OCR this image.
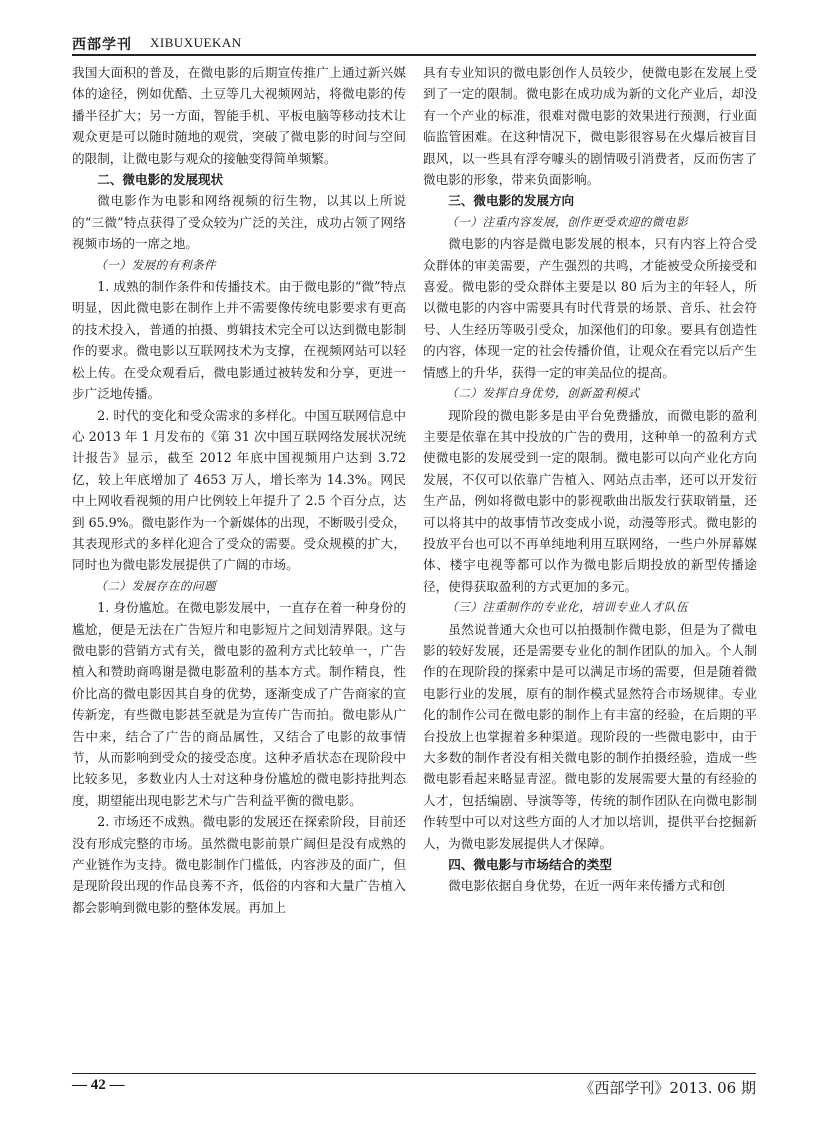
西部学刊 XIBUXUEKAN

我国大面积的普及，在微电影的后期宣传推广上通过新兴媒体的途径，例如优酷、土豆等几大视频网站，将微电影的传播半径扩大；另一方面，智能手机、平板电脑等移动技术让观众更是可以随时随地的观赏，突破了微电影的时间与空间的限制，让微电影与观众的接触变得简单频繁。

二、微电影的发展现状

微电影作为电影和网络视频的衍生物，以其以上所说的“三微”特点获得了受众较为广泛的关注，成功占领了网络视频市场的一席之地。

（一）发展的有利条件

1. 成熟的制作条件和传播技术。由于微电影的“微”特点明显，因此微电影在制作上并不需要像传统电影要求有更高的技术投入，普通的拍摄、剪辑技术完全可以达到微电影制作的要求。微电影以互联网技术为支撑，在视频网站可以轻松上传。在受众观看后，微电影通过被转发和分享，更进一步广泛地传播。

2. 时代的变化和受众需求的多样化。中国互联网信息中心 2013 年 1 月发布的《第 31 次中国互联网络发展状况统计报告》显示，截至 2012 年底中国视频用户达到 3.72 亿，较上年底增加了 4653 万人，增长率为 14.3%。网民中上网收看视频的用户比例较上年提升了 2.5 个百分点，达到 65.9%。微电影作为一个新媒体的出现，不断吸引受众，其表现形式的多样化迎合了受众的需要。受众规模的扩大，同时也为微电影发展提供了广阔的市场。

（二）发展存在的问题

1. 身份尴尬。在微电影发展中，一直存在着一种身份的尴尬，便是无法在广告短片和电影短片之间划清界限。这与微电影的营销方式有关，微电影的盈利方式比较单一，广告植入和赞助商鸣谢是微电影盈利的基本方式。制作精良，性价比高的微电影因其自身的优势，逐渐变成了广告商家的宣传新宠，有些微电影甚至就是为宣传广告而拍。微电影从广告中来，结合了广告的商品属性，又结合了电影的故事情节，从而影响到受众的接受态度。这种矛盾状态在现阶段中比较多见，多数业内人士对这种身份尴尬的微电影持批判态度，期望能出现电影艺术与广告利益平衡的微电影。

2. 市场还不成熟。微电影的发展还在探索阶段，目前还没有形成完整的市场。虽然微电影前景广阔但是没有成熟的产业链作为支持。微电影制作门槛低，内容涉及的面广，但是现阶段出现的作品良莠不齐，低俗的内容和大量广告植入都会影响到微电影的整体发展。再加上

具有专业知识的微电影创作人员较少，使微电影在发展上受到了一定的限制。微电影在成功成为新的文化产业后，却没有一个产业的标准，很难对微电影的效果进行预测，行业面临监管困难。在这种情况下，微电影很容易在火爆后被盲目跟风，以一些具有浮夸噱头的剧情吸引消费者，反而伤害了微电影的形象，带来负面影响。

三、微电影的发展方向
（一）注重内容发展，创作更受欢迎的微电影

微电影的内容是微电影发展的根本，只有内容上符合受众群体的审美需要，产生强烈的共鸣，才能被受众所接受和喜爱。微电影的受众群体主要是以 80 后为主的年轻人，所以微电影的内容中需要具有时代背景的场景、音乐、社会符号、人生经历等吸引受众，加深他们的印象。要具有创造性的内容，体现一定的社会传播价值，让观众在看完以后产生情感上的升华，获得一定的审美品位的提高。

（二）发挥自身优势，创新盈利模式

现阶段的微电影多是由平台免费播放，而微电影的盈利主要是依靠在其中投放的广告的费用，这种单一的盈利方式使微电影的发展受到一定的限制。微电影可以向产业化方向发展，不仅可以依靠广告植入、网站点击率，还可以开发衍生产品，例如将微电影中的影视歌曲出版发行获取销量，还可以将其中的故事情节改变成小说，动漫等形式。微电影的投放平台也可以不再单纯地利用互联网络，一些户外屏幕媒体、楼宇电视等都可以作为微电影后期投放的新型传播途径，使得获取盈利的方式更加的多元。

（三）注重制作的专业化，培训专业人才队伍

虽然说普通大众也可以拍摄制作微电影，但是为了微电影的较好发展，还是需要专业化的制作团队的加入。个人制作的在现阶段的探索中是可以满足市场的需要，但是随着微电影行业的发展，原有的制作模式显然符合市场规律。专业化的制作公司在微电影的制作上有丰富的经验，在后期的平台投放上也掌握着多种渠道。现阶段的一些微电影中，由于大多数的制作者没有相关微电影的制作拍摄经验，造成一些微电影看起来略显青涩。微电影的发展需要大量的有经验的人才，包括编剧、导演等等，传统的制作团队在向微电影制作转型中可以对这些方面的人才加以培训，提供平台挖掘新人，为微电影发展提供人才保障。

四、微电影与市场结合的类型

微电影依据自身优势，在近一两年来传播方式和创

— 42 —	《西部学刊》2013. 06 期
